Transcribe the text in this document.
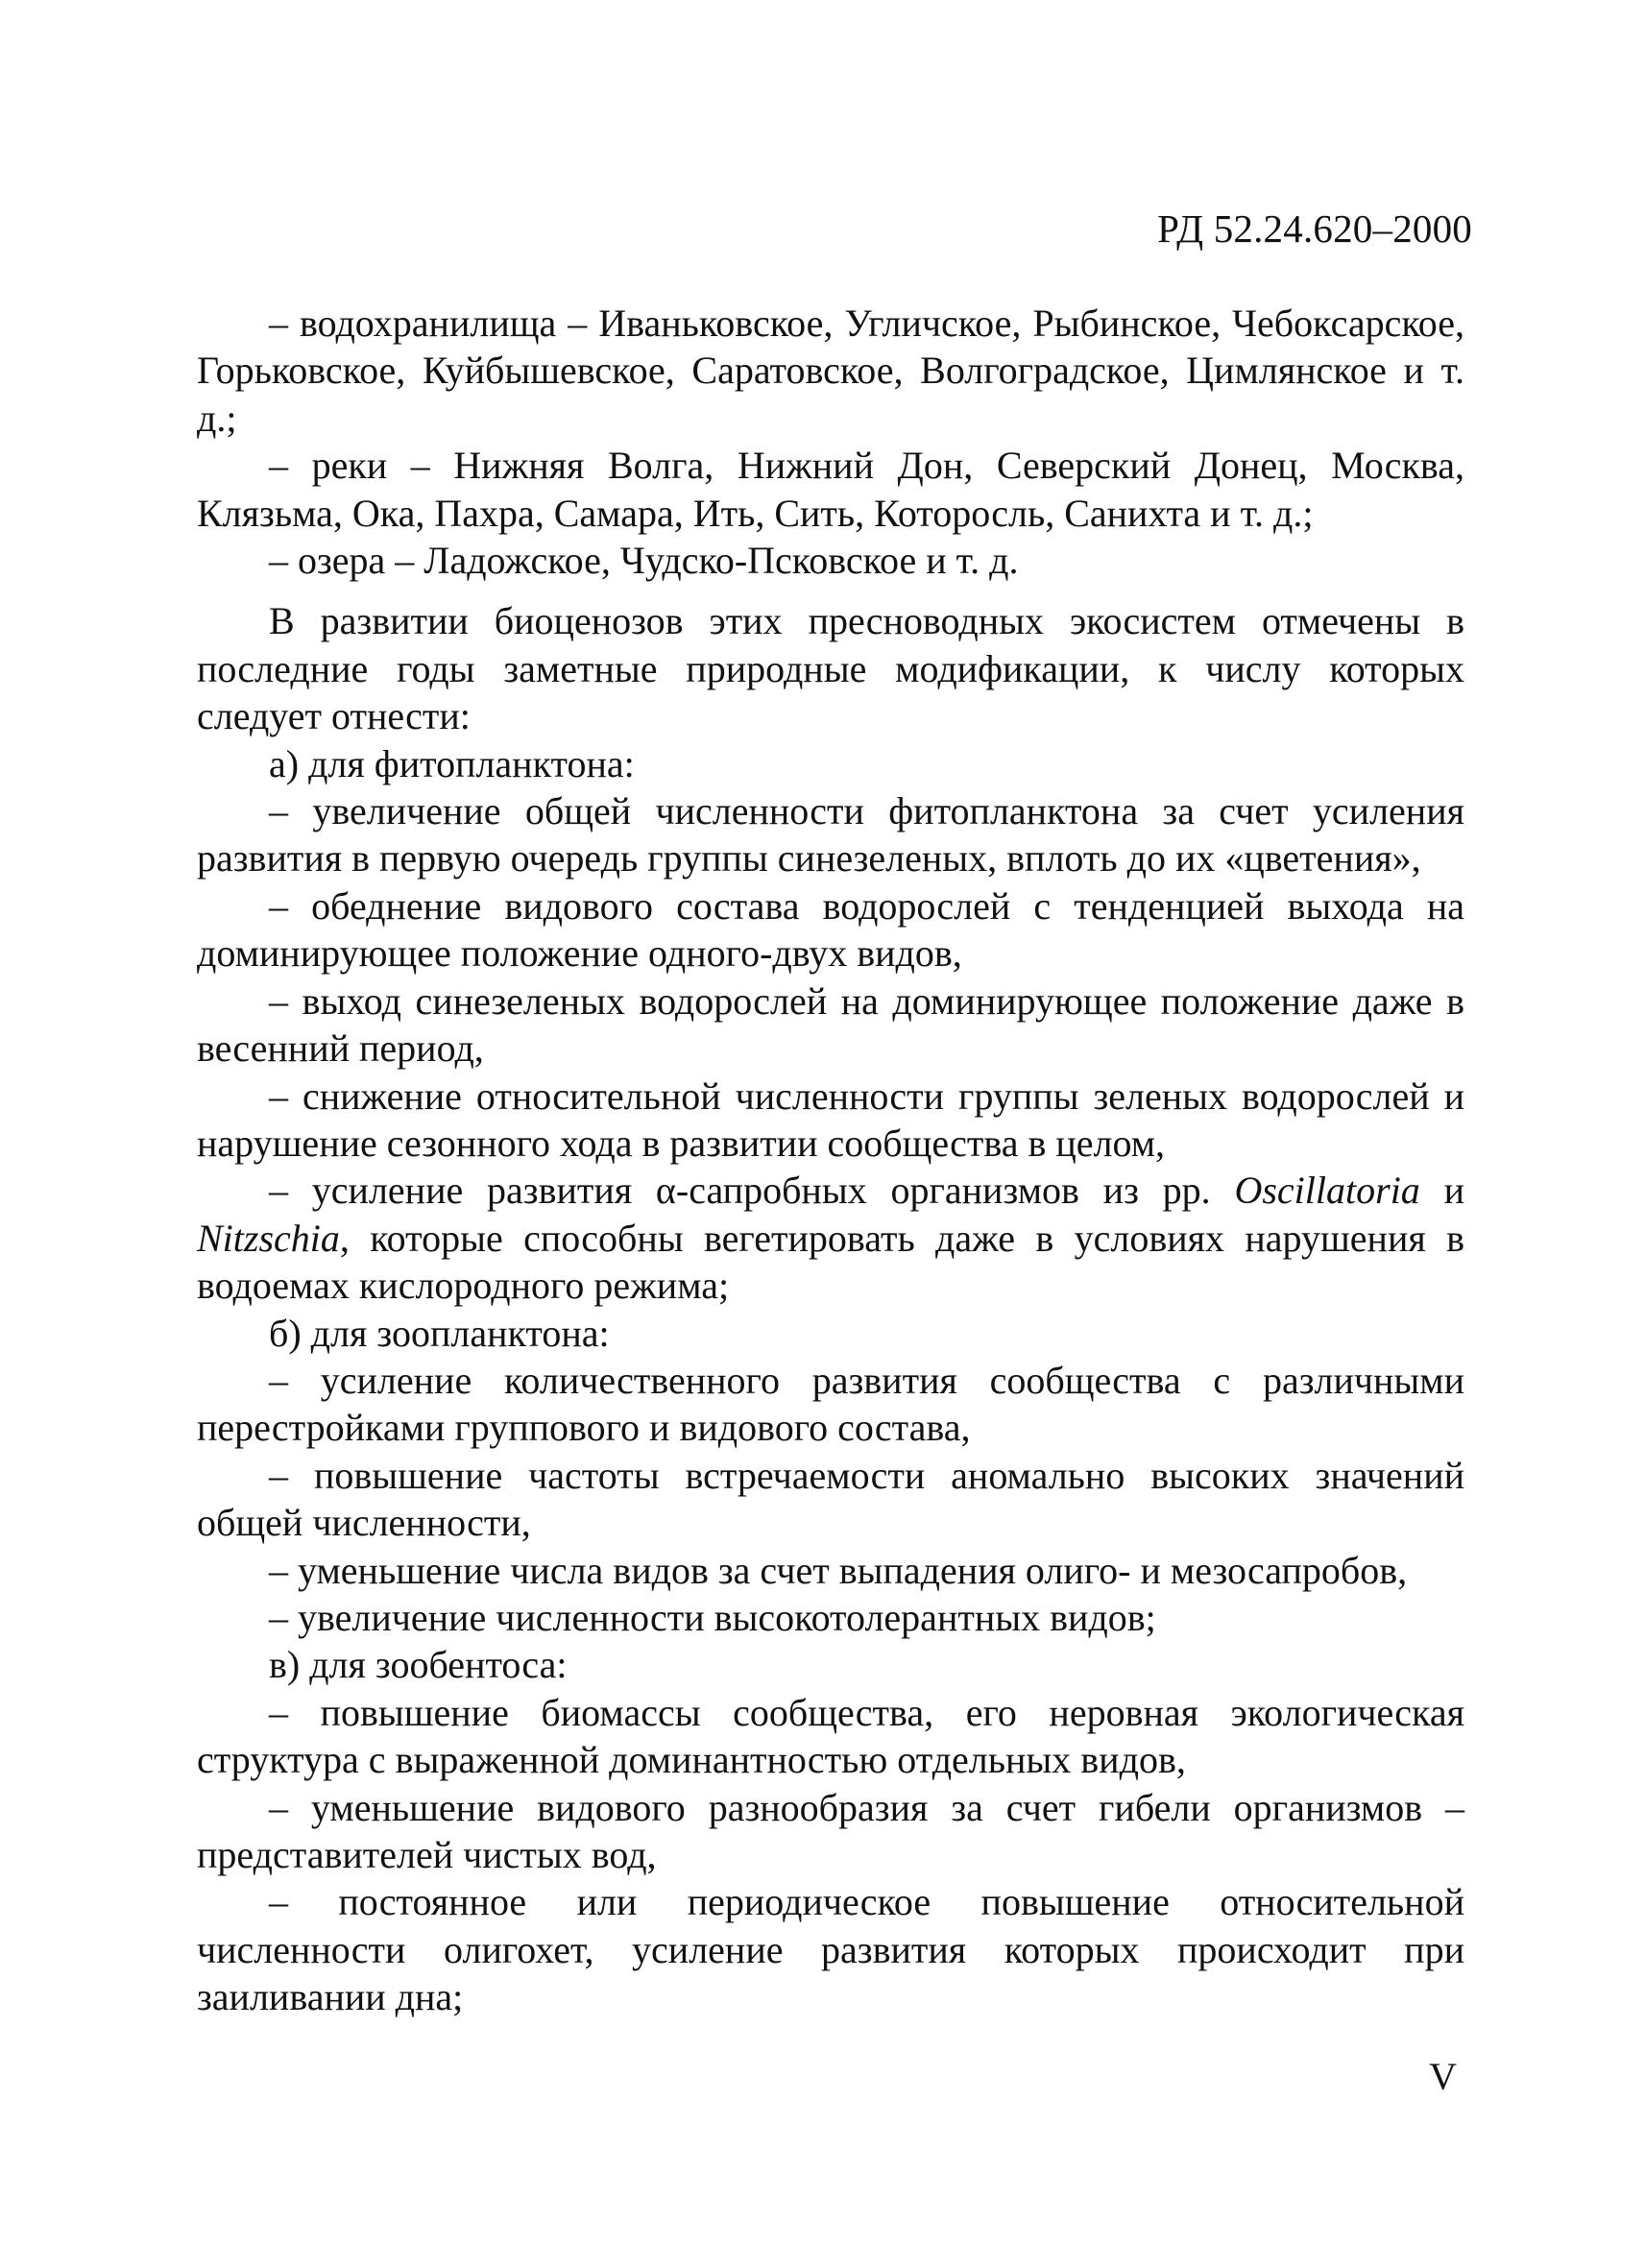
РД 52.24.620–2000

– водохранилища – Иваньковское, Угличское, Рыбинское, Чебоксарское, Горьковское, Куйбышевское, Саратовское, Волгоградское, Цимлянское и т. д.;

– реки – Нижняя Волга, Нижний Дон, Северский Донец, Москва, Клязьма, Ока, Пахра, Самара, Ить, Сить, Которосль, Санихта и т. д.;

– озера – Ладожское, Чудско-Псковское и т. д.

В развитии биоценозов этих пресноводных экосистем отмечены в последние годы заметные природные модификации, к числу которых следует отнести:

а) для фитопланктона:

– увеличение общей численности фитопланктона за счет усиления развития в первую очередь группы синезеленых, вплоть до их «цветения»,

– обеднение видового состава водорослей с тенденцией выхода на доминирующее положение одного-двух видов,

– выход синезеленых водорослей на доминирующее положение даже в весенний период,

– снижение относительной численности группы зеленых водорослей и нарушение сезонного хода в развитии сообщества в целом,

– усиление развития α-сапробных организмов из рр. Oscillatoria и Nitzschia, которые способны вегетировать даже в условиях нарушения в водоемах кислородного режима;

б) для зоопланктона:

– усиление количественного развития сообщества с различными перестройками группового и видового состава,

– повышение частоты встречаемости аномально высоких значений общей численности,

– уменьшение числа видов за счет выпадения олиго- и мезосапробов,

– увеличение численности высокотолерантных видов;

в) для зообентоса:

– повышение биомассы сообщества, его неровная экологическая структура с выраженной доминантностью отдельных видов,

– уменьшение видового разнообразия за счет гибели организмов – представителей чистых вод,

– постоянное или периодическое повышение относительной численности олигохет, усиление развития которых происходит при заиливании дна;

V
